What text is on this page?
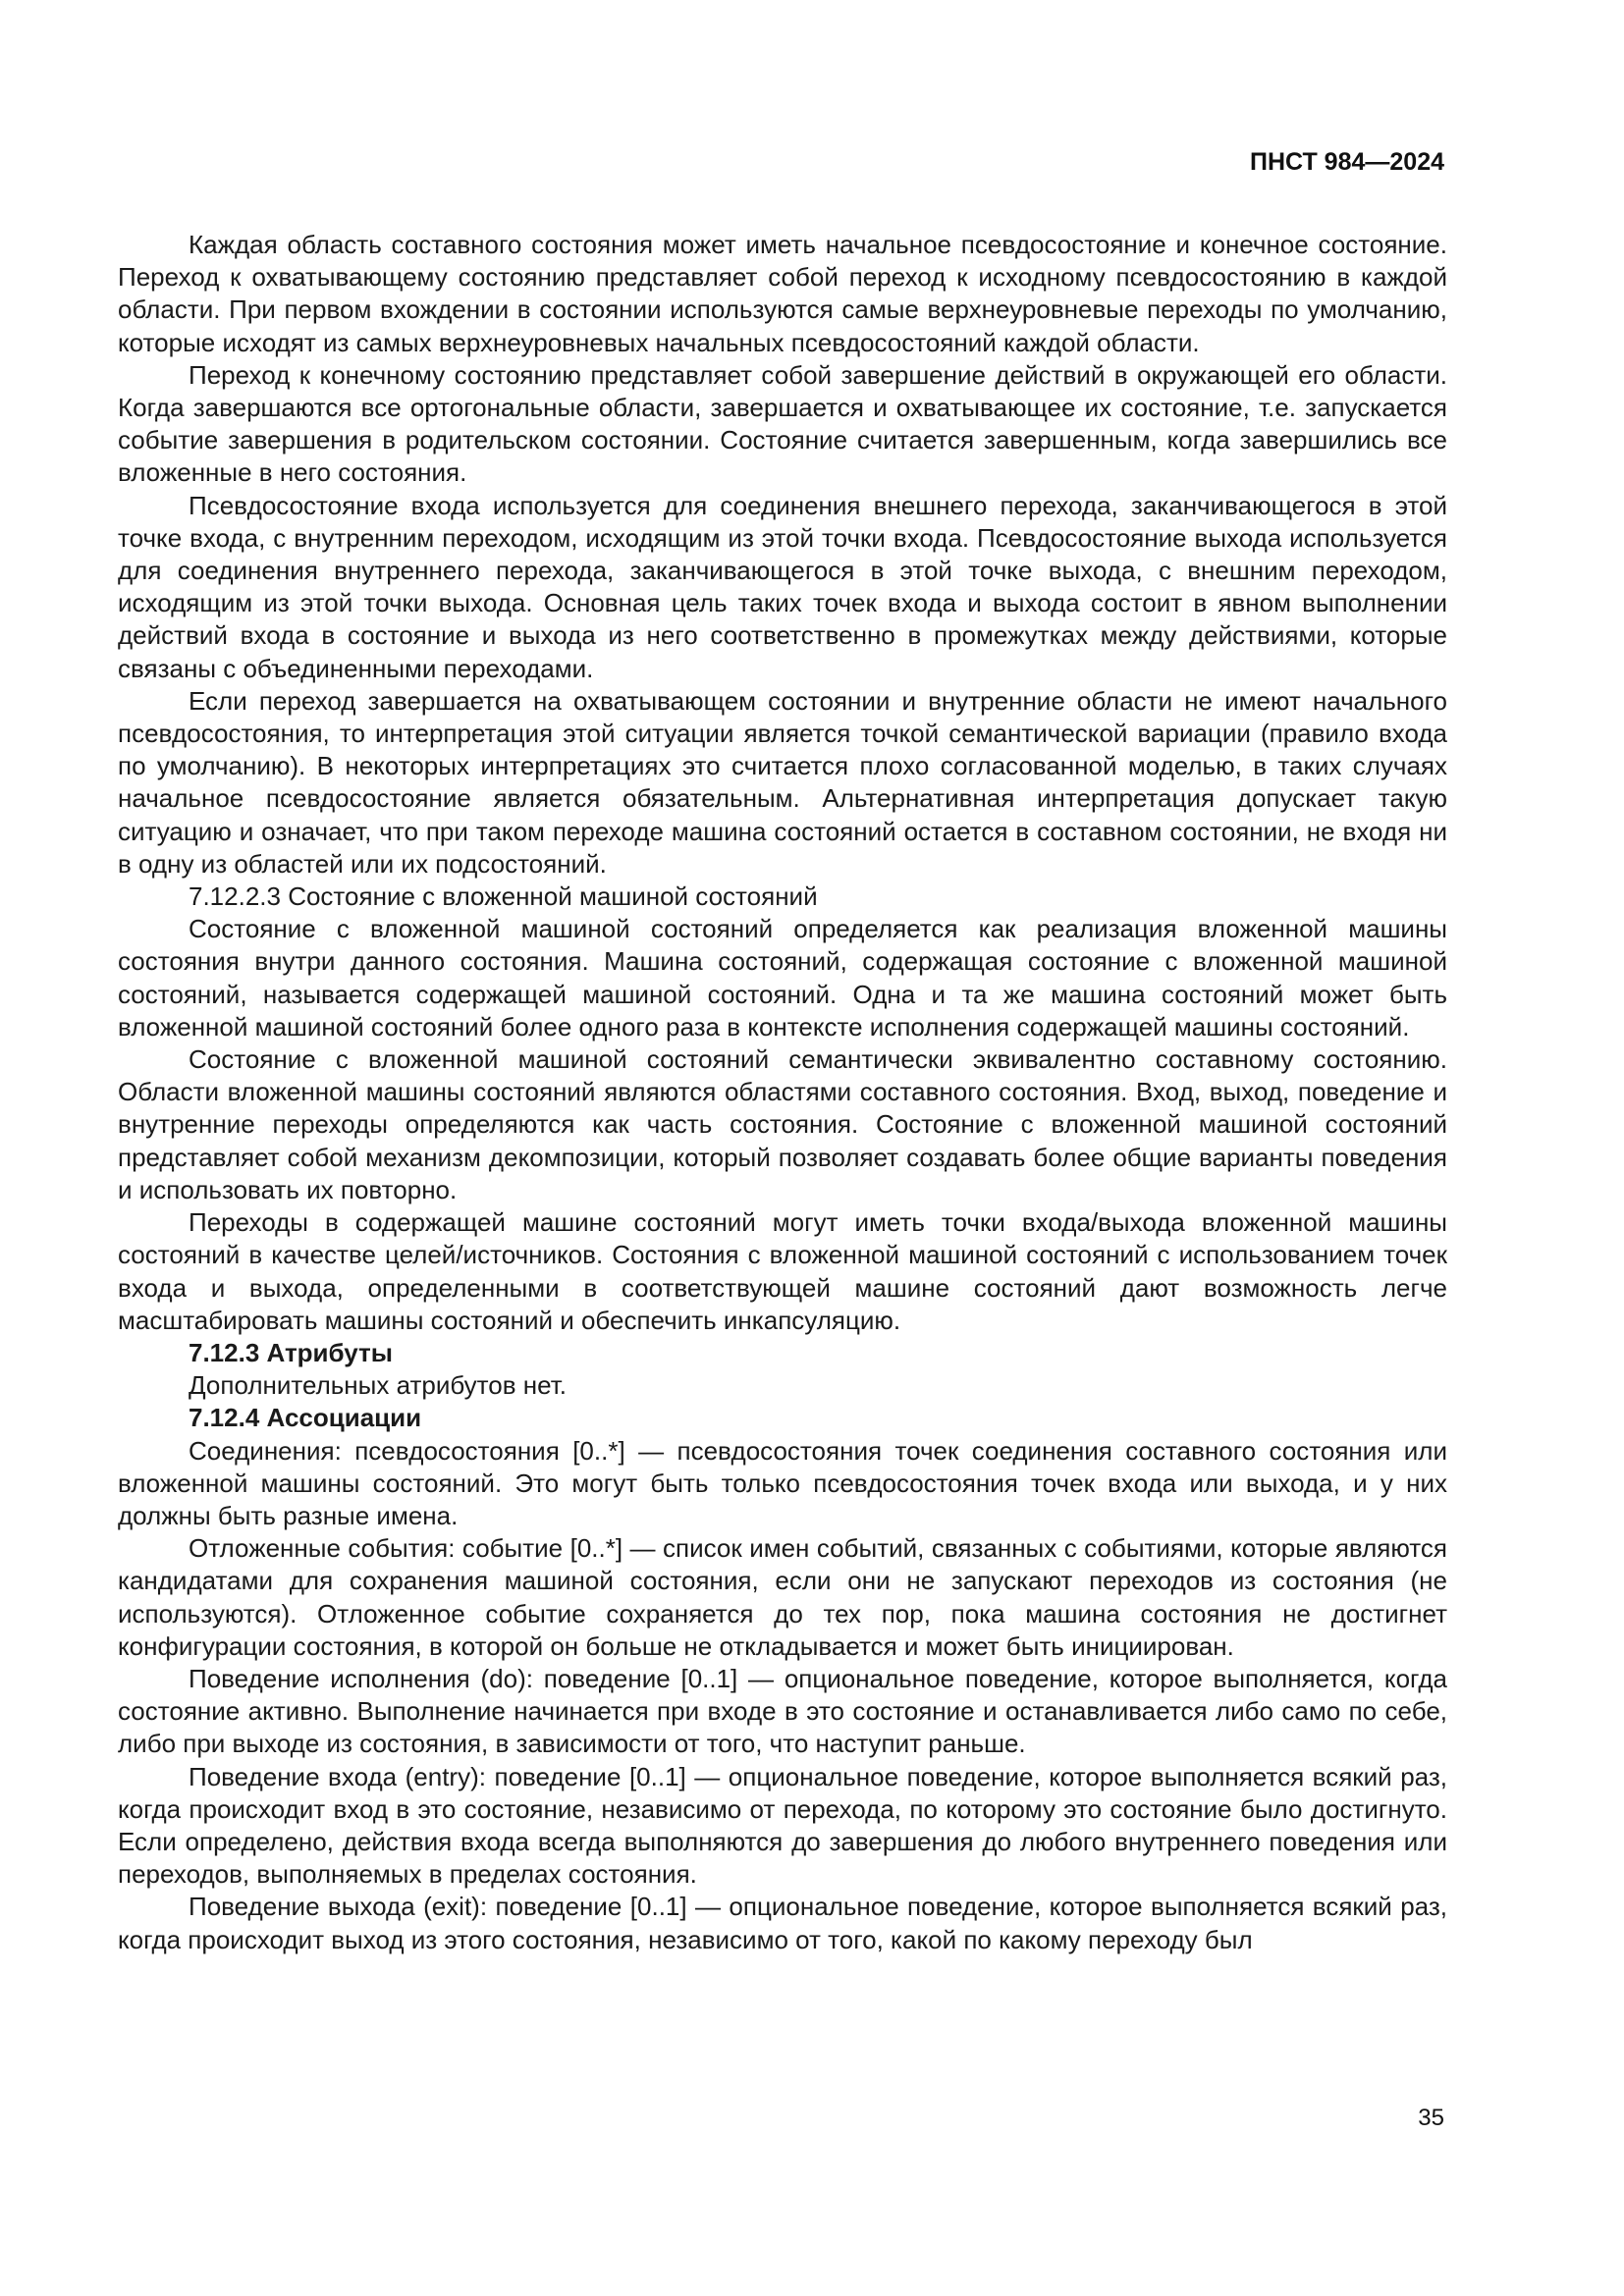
ПНСТ 984—2024

Каждая область составного состояния может иметь начальное псевдосостояние и конечное состояние. Переход к охватывающему состоянию представляет собой переход к исходному псевдосостоянию в каждой области. При первом вхождении в состоянии используются самые верхнеуровневые переходы по умолчанию, которые исходят из самых верхнеуровневых начальных псевдосостояний каждой области.

Переход к конечному состоянию представляет собой завершение действий в окружающей его области. Когда завершаются все ортогональные области, завершается и охватывающее их состояние, т.е. запускается событие завершения в родительском состоянии. Состояние считается завершенным, когда завершились все вложенные в него состояния.

Псевдосостояние входа используется для соединения внешнего перехода, заканчивающегося в этой точке входа, с внутренним переходом, исходящим из этой точки входа. Псевдосостояние выхода используется для соединения внутреннего перехода, заканчивающегося в этой точке выхода, с внешним переходом, исходящим из этой точки выхода. Основная цель таких точек входа и выхода состоит в явном выполнении действий входа в состояние и выхода из него соответственно в промежутках между действиями, которые связаны с объединенными переходами.

Если переход завершается на охватывающем состоянии и внутренние области не имеют начального псевдосостояния, то интерпретация этой ситуации является точкой семантической вариации (правило входа по умолчанию). В некоторых интерпретациях это считается плохо согласованной моделью, в таких случаях начальное псевдосостояние является обязательным. Альтернативная интерпретация допускает такую ситуацию и означает, что при таком переходе машина состояний остается в составном состоянии, не входя ни в одну из областей или их подсостояний.

7.12.2.3 Состояние с вложенной машиной состояний

Состояние с вложенной машиной состояний определяется как реализация вложенной машины состояния внутри данного состояния. Машина состояний, содержащая состояние с вложенной машиной состояний, называется содержащей машиной состояний. Одна и та же машина состояний может быть вложенной машиной состояний более одного раза в контексте исполнения содержащей машины состояний.

Состояние с вложенной машиной состояний семантически эквивалентно составному состоянию. Области вложенной машины состояний являются областями составного состояния. Вход, выход, поведение и внутренние переходы определяются как часть состояния. Состояние с вложенной машиной состояний представляет собой механизм декомпозиции, который позволяет создавать более общие варианты поведения и использовать их повторно.

Переходы в содержащей машине состояний могут иметь точки входа/выхода вложенной машины состояний в качестве целей/источников. Состояния с вложенной машиной состояний с использованием точек входа и выхода, определенными в соответствующей машине состояний дают возможность легче масштабировать машины состояний и обеспечить инкапсуляцию.

7.12.3 Атрибуты

Дополнительных атрибутов нет.

7.12.4 Ассоциации

Соединения: псевдосостояния [0..*] — псевдосостояния точек соединения составного состояния или вложенной машины состояний. Это могут быть только псевдосостояния точек входа или выхода, и у них должны быть разные имена.

Отложенные события: событие [0..*] — список имен событий, связанных с событиями, которые являются кандидатами для сохранения машиной состояния, если они не запускают переходов из состояния (не используются). Отложенное событие сохраняется до тех пор, пока машина состояния не достигнет конфигурации состояния, в которой он больше не откладывается и может быть инициирован.

Поведение исполнения (do): поведение [0..1] — опциональное поведение, которое выполняется, когда состояние активно. Выполнение начинается при входе в это состояние и останавливается либо само по себе, либо при выходе из состояния, в зависимости от того, что наступит раньше.

Поведение входа (entry): поведение [0..1] — опциональное поведение, которое выполняется всякий раз, когда происходит вход в это состояние, независимо от перехода, по которому это состояние было достигнуто. Если определено, действия входа всегда выполняются до завершения до любого внутреннего поведения или переходов, выполняемых в пределах состояния.

Поведение выхода (exit): поведение [0..1] — опциональное поведение, которое выполняется всякий раз, когда происходит выход из этого состояния, независимо от того, какой по какому переходу был

35
